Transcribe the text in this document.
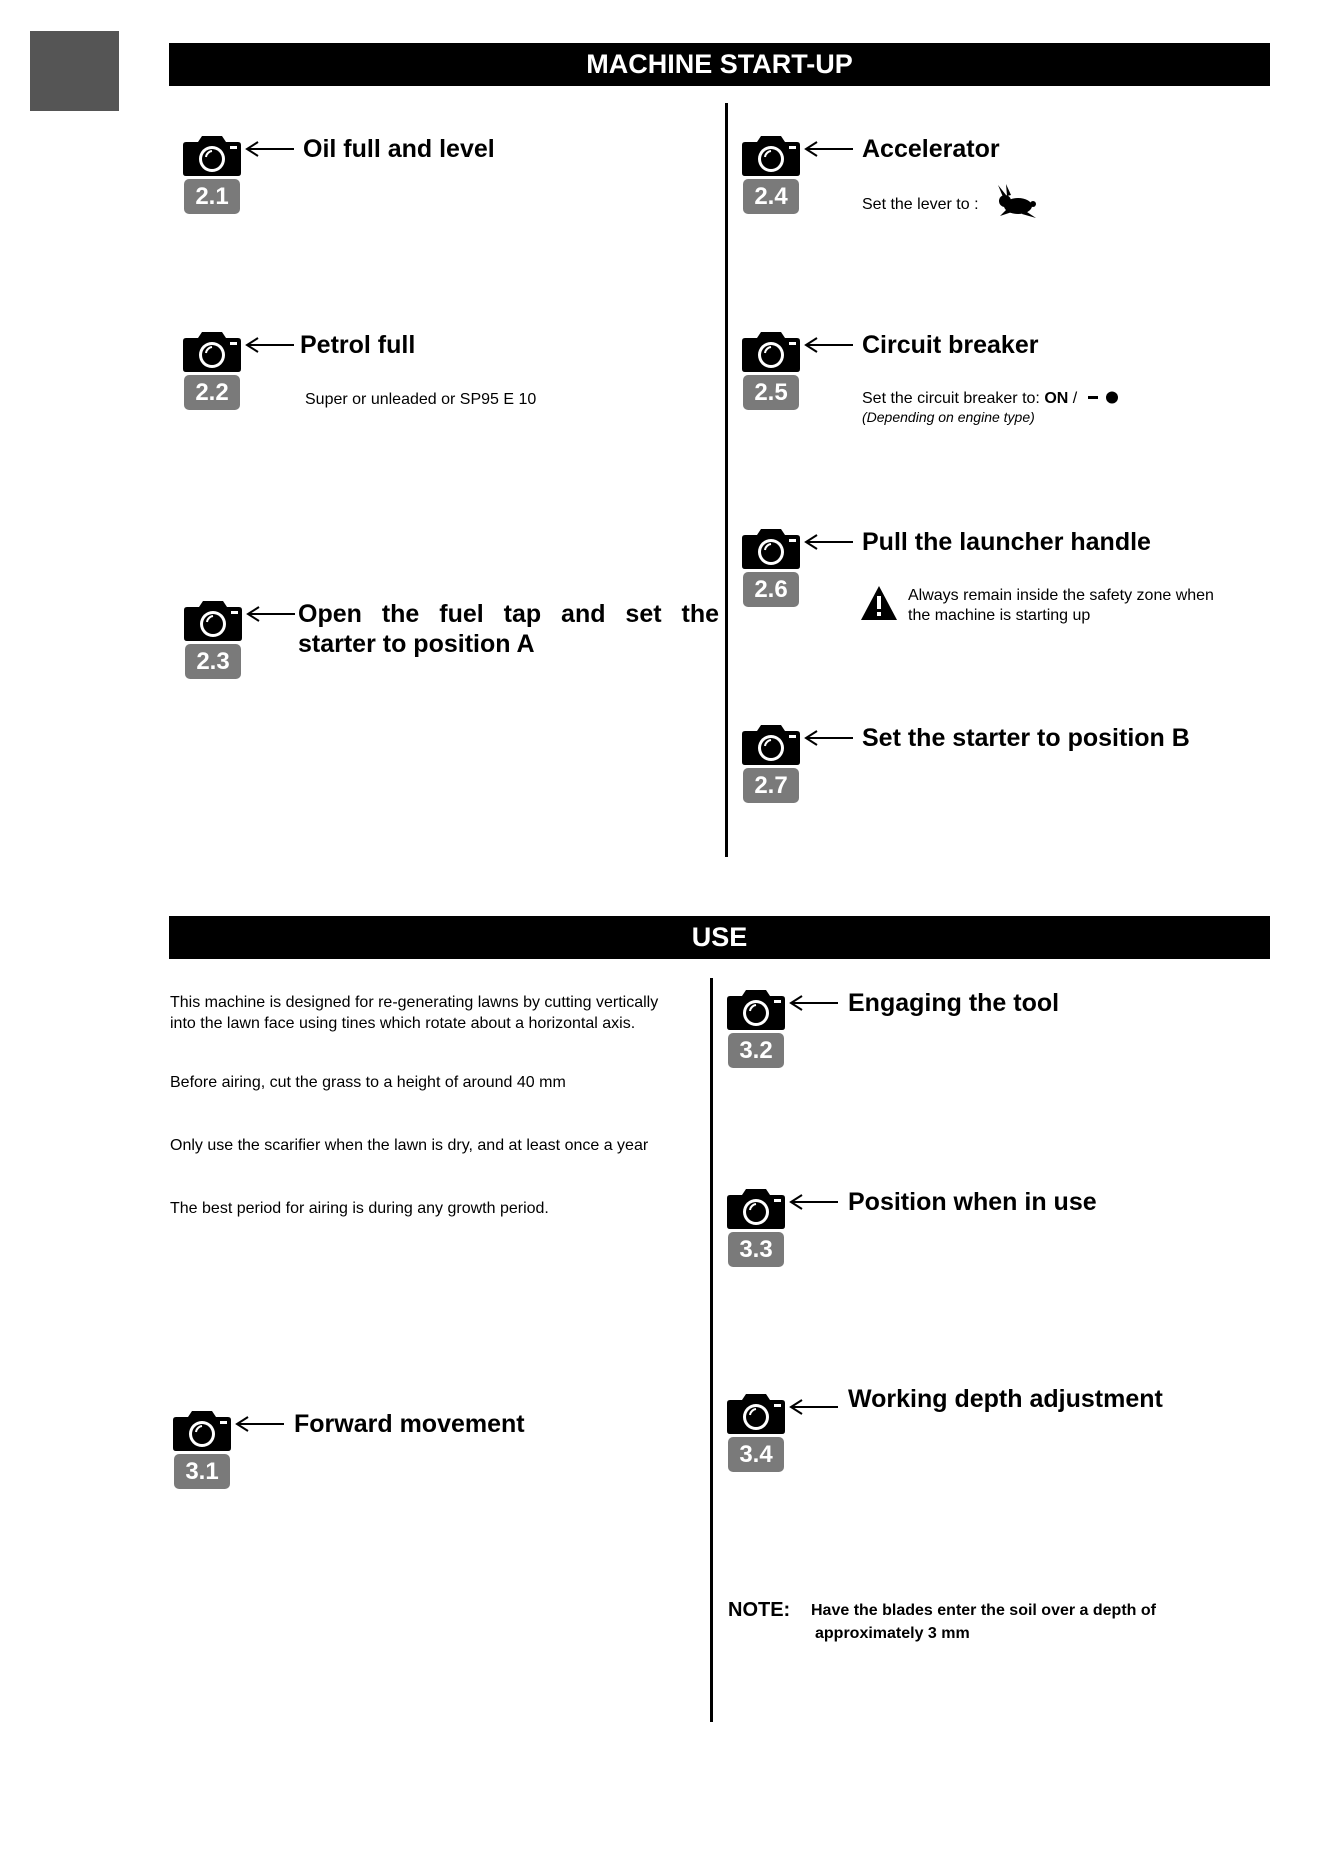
MACHINE START-UP
2.1
Oil full and level
2.2
Petrol full
Super or unleaded or SP95 E 10
2.3
Open the fuel tap and set the
starter to position A
2.4
Accelerator
Set the lever to :
2.5
Circuit breaker
Set the circuit breaker to: ON /
(Depending on engine type)
2.6
Pull the launcher handle
Always remain inside the safety zone when
the machine is starting up
2.7
Set the starter to position B
USE
This machine is designed for re-generating lawns by cutting vertically
into the lawn face using tines which rotate about a horizontal axis.
Before airing, cut the grass to a height of around 40 mm
Only use the scarifier when the lawn is dry, and at least once a year
The best period for airing is during any growth period.
3.1
Forward movement
3.2
Engaging the tool
3.3
Position when in use
3.4
Working depth adjustment
NOTE: Have the blades enter the soil over a depth of
approximately 3 mm
